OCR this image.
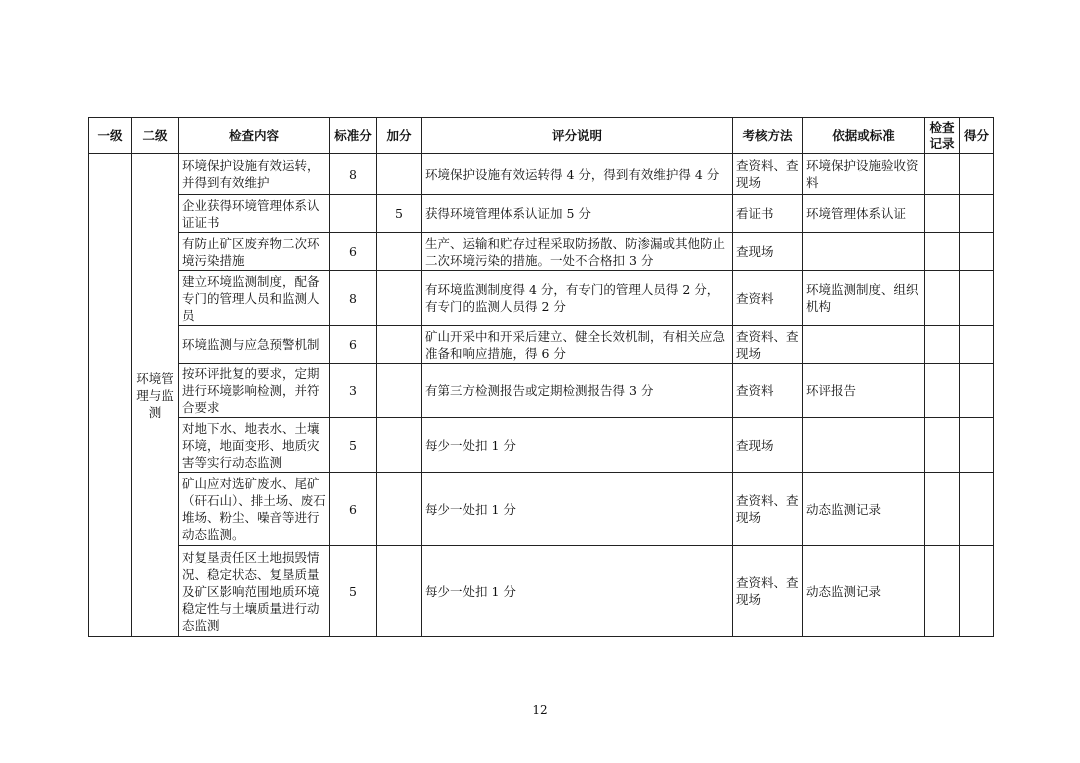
一级	二级	检查内容	标准分	加分	评分说明	考核方法	依据或标准	检查记录	得分
	环境管理与监测	环境保护设施有效运转，并得到有效维护	8		环境保护设施有效运转得 4 分，得到有效维护得 4 分	查资料、查现场	环境保护设施验收资料		
		企业获得环境管理体系认证证书		5	获得环境管理体系认证加 5 分	看证书	环境管理体系认证		
		有防止矿区废弃物二次环境污染措施	6		生产、运输和贮存过程采取防扬散、防渗漏或其他防止二次环境污染的措施。一处不合格扣 3 分	查现场			
		建立环境监测制度，配备专门的管理人员和监测人员	8		有环境监测制度得 4 分，有专门的管理人员得 2 分，有专门的监测人员得 2 分	查资料	环境监测制度、组织机构		
		环境监测与应急预警机制	6		矿山开采中和开采后建立、健全长效机制，有相关应急准备和响应措施，得 6 分	查资料、查现场			
		按环评批复的要求，定期进行环境影响检测，并符合要求	3		有第三方检测报告或定期检测报告得 3 分	查资料	环评报告		
		对地下水、地表水、土壤环境，地面变形、地质灾害等实行动态监测	5		每少一处扣 1 分	查现场			
		矿山应对选矿废水、尾矿（矸石山）、排土场、废石堆场、粉尘、噪音等进行动态监测。	6		每少一处扣 1 分	查资料、查现场	动态监测记录		
		对复垦责任区土地损毁情况、稳定状态、复垦质量及矿区影响范围地质环境稳定性与土壤质量进行动态监测	5		每少一处扣 1 分	查资料、查现场	动态监测记录		
12
